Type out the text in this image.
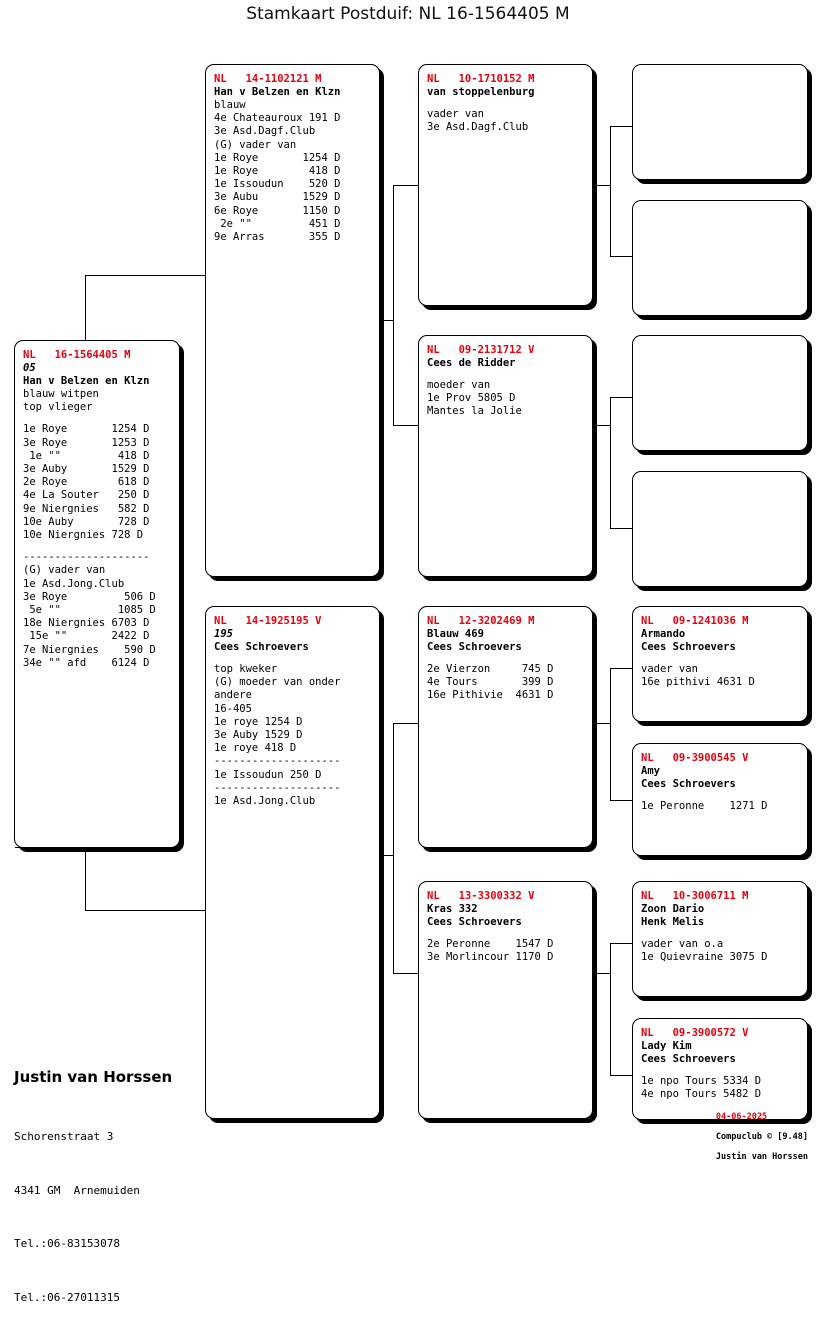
Stamkaart Postduif: NL 16-1564405 M
NL   16-1564405 M
05
Han v Belzen en Klzn
blauw witpen
top vlieger
1e Roye       1254 D
3e Roye       1253 D
1e ""         418 D
3e Auby       1529 D
2e Roye        618 D
4e La Souter   250 D
9e Niergnies   582 D
10e Auby       728 D
10e Niergnies 728 D
--------------------
(G) vader van
1e Asd.Jong.Club
3e Roye         506 D
5e ""         1085 D
18e Niergnies 6703 D
15e ""       2422 D
7e Niergnies    590 D
34e "" afd    6124 D
NL   14-1102121 M
Han v Belzen en Klzn
blauw
4e Chateauroux 191 D
3e Asd.Dagf.Club
(G) vader van
1e Roye       1254 D
1e Roye        418 D
1e Issoudun    520 D
3e Aubu       1529 D
6e Roye       1150 D
2e ""         451 D
9e Arras       355 D
NL   14-1925195 V
195
Cees Schroevers
top kweker
(G) moeder van onder
andere
16-405
1e roye 1254 D
3e Auby 1529 D
1e roye 418 D
--------------------
1e Issoudun 250 D
--------------------
1e Asd.Jong.Club
NL   10-1710152 M
van stoppelenburg
vader van
3e Asd.Dagf.Club
NL   09-2131712 V
Cees de Ridder
moeder van
1e Prov 5805 D
Mantes la Jolie
NL   12-3202469 M
Blauw 469
Cees Schroevers
2e Vierzon     745 D
4e Tours       399 D
16e Pithivie  4631 D
NL   13-3300332 V
Kras 332
Cees Schroevers
2e Peronne    1547 D
3e Morlincour 1170 D
NL   09-1241036 M
Armando
Cees Schroevers
vader van
16e pithivi 4631 D
NL   09-3900545 V
Amy
Cees Schroevers
1e Peronne    1271 D
NL   10-3006711 M
Zoon Dario
Henk Melis
vader van o.a
1e Quievraine 3075 D
NL   09-3900572 V
Lady Kim
Cees Schroevers
1e npo Tours 5334 D
4e npo Tours 5482 D

Justin van Horssen

Schorenstraat 3

4341 GM  Arnemuiden

Tel.:06-83153078

Tel.:06-27011315

04-06-2025

Compuclub © [9.48]

Justin van Horssen
